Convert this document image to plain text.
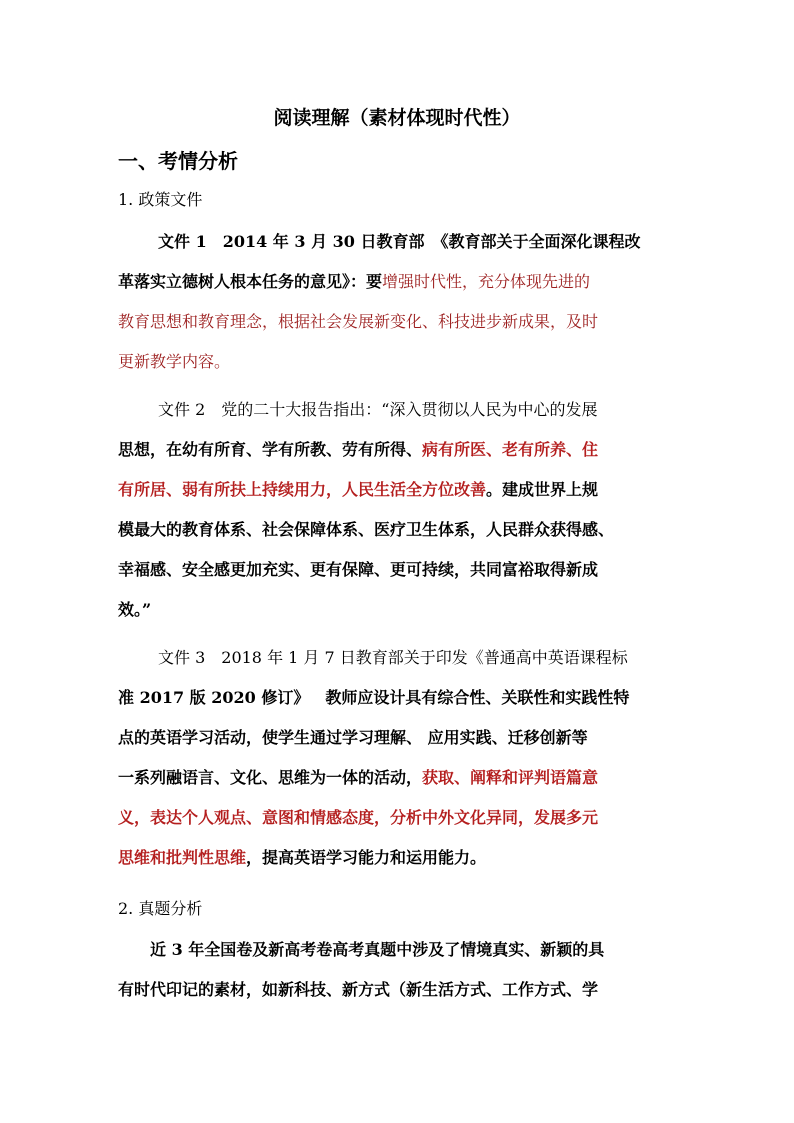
阅读理解（素材体现时代性）
一、考情分析
1. 政策文件
文件 1　2014 年 3 月 30 日教育部　《教育部关于全面深化课程改
革落实立德树人根本任务的意见》：要增强时代性，充分体现先进的
教育思想和教育理念，根据社会发展新变化、科技进步新成果，及时
更新教学内容。
文件 2　党的二十大报告指出：“深入贯彻以人民为中心的发展
思想，在幼有所育、学有所教、劳有所得、病有所医、老有所养、住
有所居、弱有所扶上持续用力，人民生活全方位改善。建成世界上规
模最大的教育体系、社会保障体系、医疗卫生体系，人民群众获得感、
幸福感、安全感更加充实、更有保障、更可持续，共同富裕取得新成
效。”
文件 3　2018 年 1 月 7 日教育部关于印发《普通高中英语课程标
准 2017 版 2020 修订》 教师应设计具有综合性、关联性和实践性特
点的英语学习活动，使学生通过学习理解、 应用实践、迁移创新等
一系列融语言、文化、思维为一体的活动，获取、阐释和评判语篇意
义，表达个人观点、意图和情感态度，分析中外文化异同，发展多元
思维和批判性思维，提高英语学习能力和运用能力。
2. 真题分析
近 3 年全国卷及新高考卷高考真题中涉及了情境真实、新颖的具
有时代印记的素材，如新科技、新方式（新生活方式、工作方式、学
